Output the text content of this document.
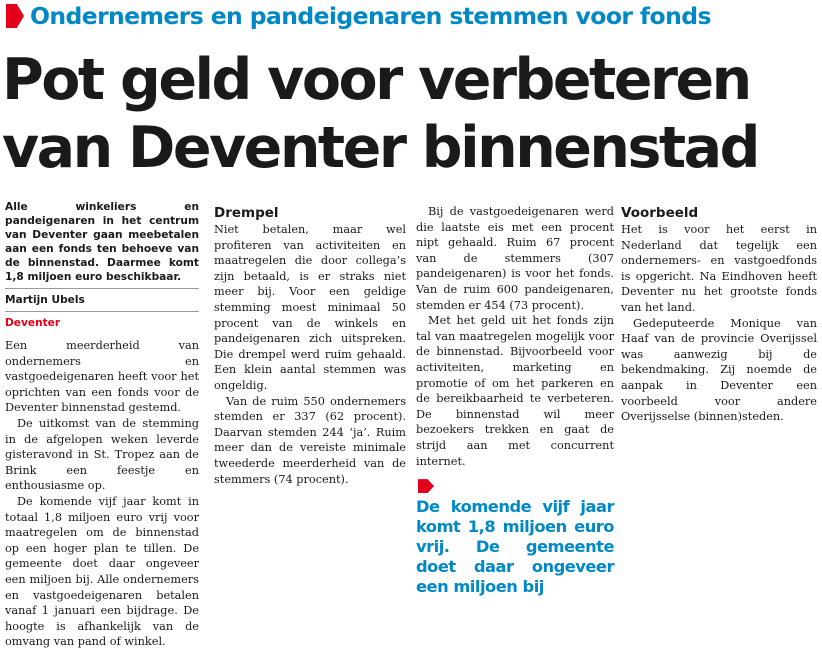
Ondernemers en pandeigenaren stemmen voor fonds
Pot geld voor verbeteren
van Deventer binnenstad

Alle winkeliers en pandeigenaren in het centrum van Deventer gaan meebetalen aan een fonds ten behoeve van de binnenstad. Daarmee komt 1,8 miljoen euro beschikbaar.

Martijn Ubels
Deventer

Een meerderheid van ondernemers en vastgoedeigenaren heeft voor het oprichten van een fonds voor de Deventer binnenstad gestemd.

De uitkomst van de stemming in de afgelopen weken leverde gisteravond in St. Tropez aan de Brink een feestje en enthousiasme op.

De komende vijf jaar komt in totaal 1,8 miljoen euro vrij voor maatregelen om de binnenstad op een hoger plan te tillen. De gemeente doet daar ongeveer een miljoen bij. Alle ondernemers en vastgoedeigenaren betalen vanaf 1 januari een bijdrage. De hoogte is afhankelijk van de omvang van pand of winkel.

Drempel

Niet betalen, maar wel profiteren van activiteiten en maatregelen die door collega’s zijn betaald, is er straks niet meer bij. Voor een geldige stemming moest minimaal 50 procent van de winkels en pandeigenaren zich uitspreken. Die drempel werd ruim gehaald. Een klein aantal stemmen was ongeldig.

Van de ruim 550 ondernemers stemden er 337 (62 procent). Daarvan stemden 244 ‘ja’. Ruim meer dan de vereiste minimale tweederde meerderheid van de stemmers (74 procent).

Bij de vastgoedeigenaren werd die laatste eis met een procent nipt gehaald. Ruim 67 procent van de stemmers (307 pandeigenaren) is voor het fonds. Van de ruim 600 pandeigenaren, stemden er 454 (73 procent).

Met het geld uit het fonds zijn tal van maatregelen mogelijk voor de binnenstad. Bijvoorbeeld voor activiteiten, marketing en promotie of om het parkeren en de bereikbaarheid te verbeteren. De binnenstad wil meer bezoekers trekken en gaat de strijd aan met concurrent internet.

De komende vijf jaar komt 1,8 miljoen euro vrij. De gemeente doet daar ongeveer een miljoen bij

Voorbeeld

Het is voor het eerst in Nederland dat tegelijk een ondernemers- en vastgoedfonds is opgericht. Na Eindhoven heeft Deventer nu het grootste fonds van het land.

Gedeputeerde Monique van Haaf van de provincie Overijssel was aanwezig bij de bekendmaking. Zij noemde de aanpak in Deventer een voorbeeld voor andere Overijsselse (binnen)steden.
